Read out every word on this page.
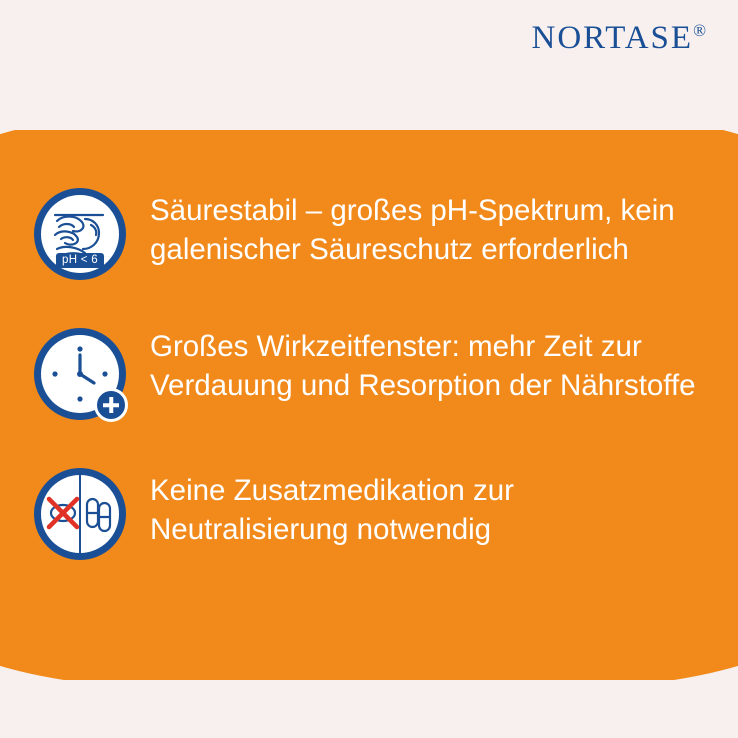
NORTASE®
pH < 6
Säurestabil – großes pH-Spektrum, kein galenischer Säureschutz erforderlich
Großes Wirkzeitfenster: mehr Zeit zur Verdauung und Resorption der Nährstoffe
Keine Zusatzmedikation zur Neutralisierung notwendig
